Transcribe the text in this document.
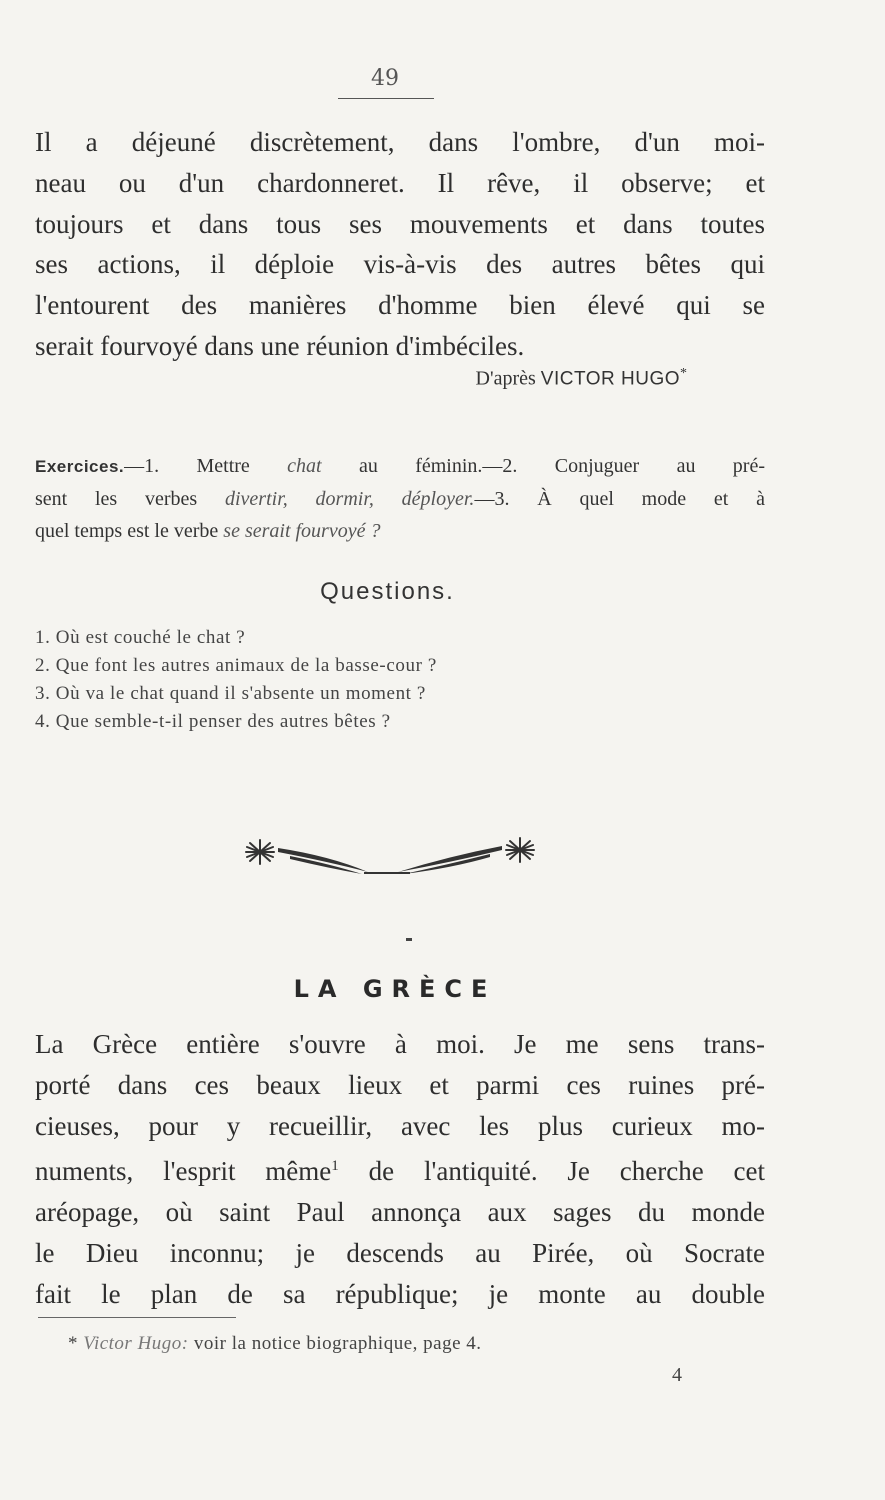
49
Il a déjeuné discrètement, dans l'ombre, d'un moi-
neau ou d'un chardonneret. Il rêve, il observe; et
toujours et dans tous ses mouvements et dans toutes
ses actions, il déploie vis-à-vis des autres bêtes qui
l'entourent des manières d'homme bien élevé qui se
serait fourvoyé dans une réunion d'imbéciles.
D'après VICTOR HUGO*
Exercices.—1. Mettre chat au féminin.—2. Conjuguer au pré-
sent les verbes divertir, dormir, déployer.—3. À quel mode et à
quel temps est le verbe se serait fourvoyé ?
Questions.
1. Où est couché le chat ?
2. Que font les autres animaux de la basse-cour ?
3. Où va le chat quand il s'absente un moment ?
4. Que semble-t-il penser des autres bêtes ?
LA GRÈCE
La Grèce entière s'ouvre à moi. Je me sens trans-
porté dans ces beaux lieux et parmi ces ruines pré-
cieuses, pour y recueillir, avec les plus curieux mo-
numents, l'esprit même$^1$ de l'antiquité. Je cherche cet
aréopage, où saint Paul annonça aux sages du monde
le Dieu inconnu; je descends au Pirée, où Socrate
fait le plan de sa république; je monte au double
* Victor Hugo: voir la notice biographique, page 4.
4
